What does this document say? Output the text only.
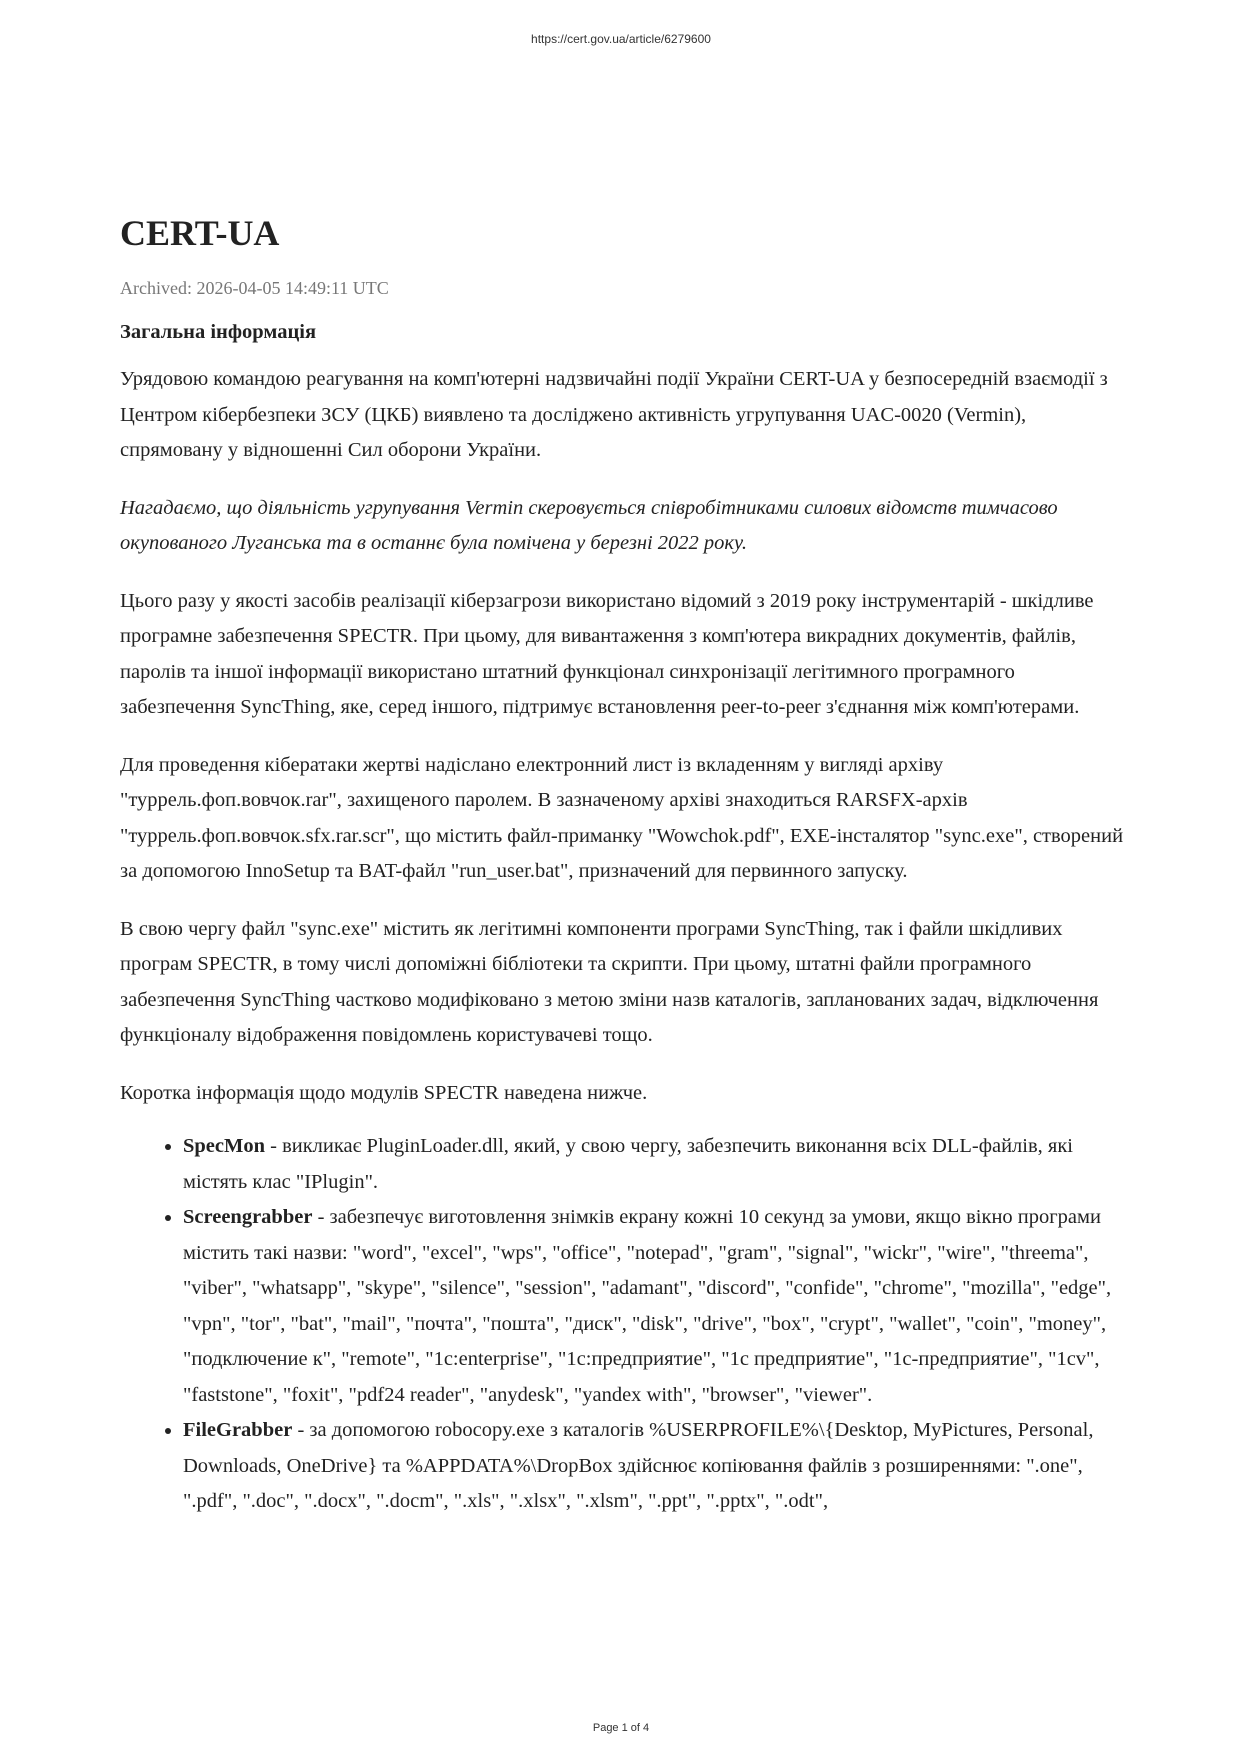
https://cert.gov.ua/article/6279600
CERT-UA
Archived: 2026-04-05 14:49:11 UTC
Загальна інформація

Урядовою командою реагування на комп'ютерні надзвичайні події України CERT-UA у безпосередній взаємодії з Центром кібербезпеки ЗСУ (ЦКБ) виявлено та досліджено активність угрупування UAC-0020 (Vermin), спрямовану у відношенні Сил оборони України.

Нагадаємо, що діяльність угрупування Vermin скеровується співробітниками силових відомств тимчасово окупованого Луганська та в останнє була помічена у березні 2022 року.

Цього разу у якості засобів реалізації кіберзагрози використано відомий з 2019 року інструментарій - шкідливе програмне забезпечення SPECTR. При цьому, для вивантаження з комп'ютера викрадних документів, файлів, паролів та іншої інформації використано штатний функціонал синхронізації легітимного програмного забезпечення SyncThing, яке, серед іншого, підтримує встановлення peer-to-peer з'єднання між комп'ютерами.

Для проведення кібератаки жертві надіслано електронний лист із вкладенням у вигляді архіву "туррель.фоп.вовчок.rar", захищеного паролем. В зазначеному архіві знаходиться RARSFX-архів "туррель.фоп.вовчок.sfx.rar.scr", що містить файл-приманку "Wowchok.pdf", EXE-інсталятор "sync.exe", створений за допомогою InnoSetup та BAT-файл "run_user.bat", призначений для первинного запуску.

В свою чергу файл "sync.exe" містить як легітимні компоненти програми SyncThing, так і файли шкідливих програм SPECTR, в тому числі допоміжні бібліотеки та скрипти. При цьому, штатні файли програмного забезпечення SyncThing частково модифіковано з метою зміни назв каталогів, запланованих задач, відключення функціоналу відображення повідомлень користувачеві тощо.

Коротка інформація щодо модулів SPECTR наведена нижче.

• SpecMon - викликає PluginLoader.dll, який, у свою чергу, забезпечить виконання всіх DLL-файлів, які містять клас "IPlugin".
• Screengrabber - забезпечує виготовлення знімків екрану кожні 10 секунд за умови, якщо вікно програми містить такі назви: "word", "excel", "wps", "office", "notepad", "gram", "signal", "wickr", "wire", "threema", "viber", "whatsapp", "skype", "silence", "session", "adamant", "discord", "confide", "chrome", "mozilla", "edge", "vpn", "tor", "bat", "mail", "почта", "пошта", "диск", "disk", "drive", "box", "crypt", "wallet", "coin", "money", "подключение к", "remote", "1c:enterprise", "1c:предприятие", "1c предприятие", "1c-предприятие", "1cv", "faststone", "foxit", "pdf24 reader", "anydesk", "yandex with", "browser", "viewer".
• FileGrabber - за допомогою robocopy.exe з каталогів %USERPROFILE%\{Desktop, MyPictures, Personal, Downloads, OneDrive} та %APPDATA%\DropBox здійснює копіювання файлів з розширеннями: ".one", ".pdf", ".doc", ".docx", ".docm", ".xls", ".xlsx", ".xlsm", ".ppt", ".pptx", ".odt",
Page 1 of 4
